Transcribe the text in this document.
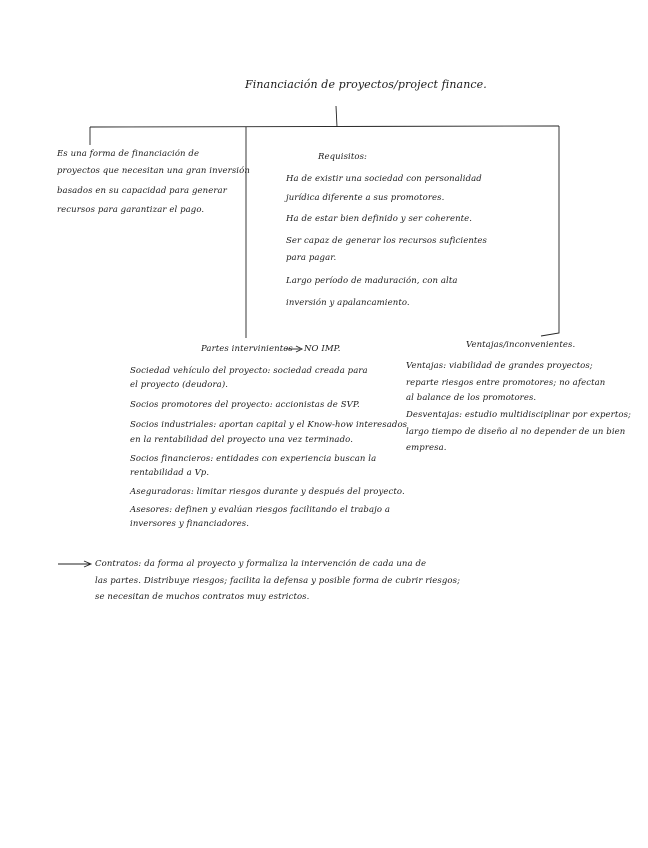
Financiación de proyectos/project finance.
Es una forma de financiación de
proyectos que necesitan una gran inversión
basados en su capacidad para generar
recursos para garantizar el pago.
Requisitos:
Ha de existir una sociedad con personalidad
jurídica diferente a sus promotores.
Ha de estar bien definido y ser coherente.
Ser capaz de generar los recursos suficientes
para pagar.
Largo período de maduración, con alta
inversión y apalancamiento.
Partes intervinientes NO IMP.
Sociedad vehículo del proyecto: sociedad creada para
el proyecto (deudora).
Socios promotores del proyecto: accionistas de SVP.
Socios industriales: aportan capital y el Know-how interesados
en la rentabilidad del proyecto una vez terminado.
Socios financieros: entidades con experiencia buscan la
rentabilidad a Vp.
Aseguradoras: limitar riesgos durante y después del proyecto.
Asesores: definen y evalúan riesgos facilitando el trabajo a
inversores y financiadores.
Ventajas/inconvenientes.
Ventajas: viabilidad de grandes proyectos;
reparte riesgos entre promotores; no afectan
al balance de los promotores.
Desventajas: estudio multidisciplinar por expertos;
largo tiempo de diseño al no depender de un bien
empresa.
Contratos: da forma al proyecto y formaliza la intervención de cada una de
las partes. Distribuye riesgos; facilita la defensa y posible forma de cubrir riesgos;
se necesitan de muchos contratos muy estrictos.
